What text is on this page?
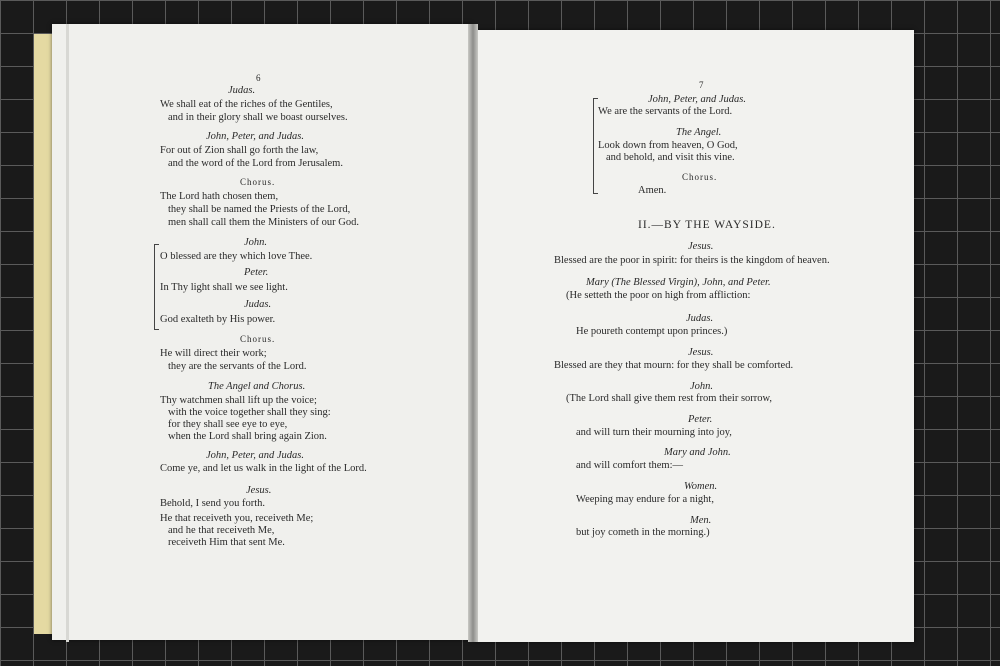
6
7
Judas.
We shall eat of the riches of the Gentiles,
and in their glory shall we boast ourselves.
John, Peter, and Judas.
For out of Zion shall go forth the law,
and the word of the Lord from Jerusalem.
Chorus.
The Lord hath chosen them,
they shall be named the Priests of the Lord,
men shall call them the Ministers of our God.
John.
O blessed are they which love Thee.
Peter.
In Thy light shall we see light.
Judas.
God exalteth by His power.
Chorus.
He will direct their work;
they are the servants of the Lord.
The Angel and Chorus.
Thy watchmen shall lift up the voice;
with the voice together shall they sing:
for they shall see eye to eye,
when the Lord shall bring again Zion.
John, Peter, and Judas.
Come ye, and let us walk in the light of the Lord.
Jesus.
Behold, I send you forth.
He that receiveth you, receiveth Me;
and he that receiveth Me,
receiveth Him that sent Me.
John, Peter, and Judas.
We are the servants of the Lord.
The Angel.
Look down from heaven, O God,
and behold, and visit this vine.
Chorus.
Amen.
II.—BY THE WAYSIDE.
Jesus.
Blessed are the poor in spirit: for theirs is the kingdom of heaven.
Mary (The Blessed Virgin), John, and Peter.
(He setteth the poor on high from affliction:
Judas.
He poureth contempt upon princes.)
Jesus.
Blessed are they that mourn: for they shall be comforted.
John.
(The Lord shall give them rest from their sorrow,
Peter.
and will turn their mourning into joy,
Mary and John.
and will comfort them:—
Women.
Weeping may endure for a night,
Men.
but joy cometh in the morning.)
